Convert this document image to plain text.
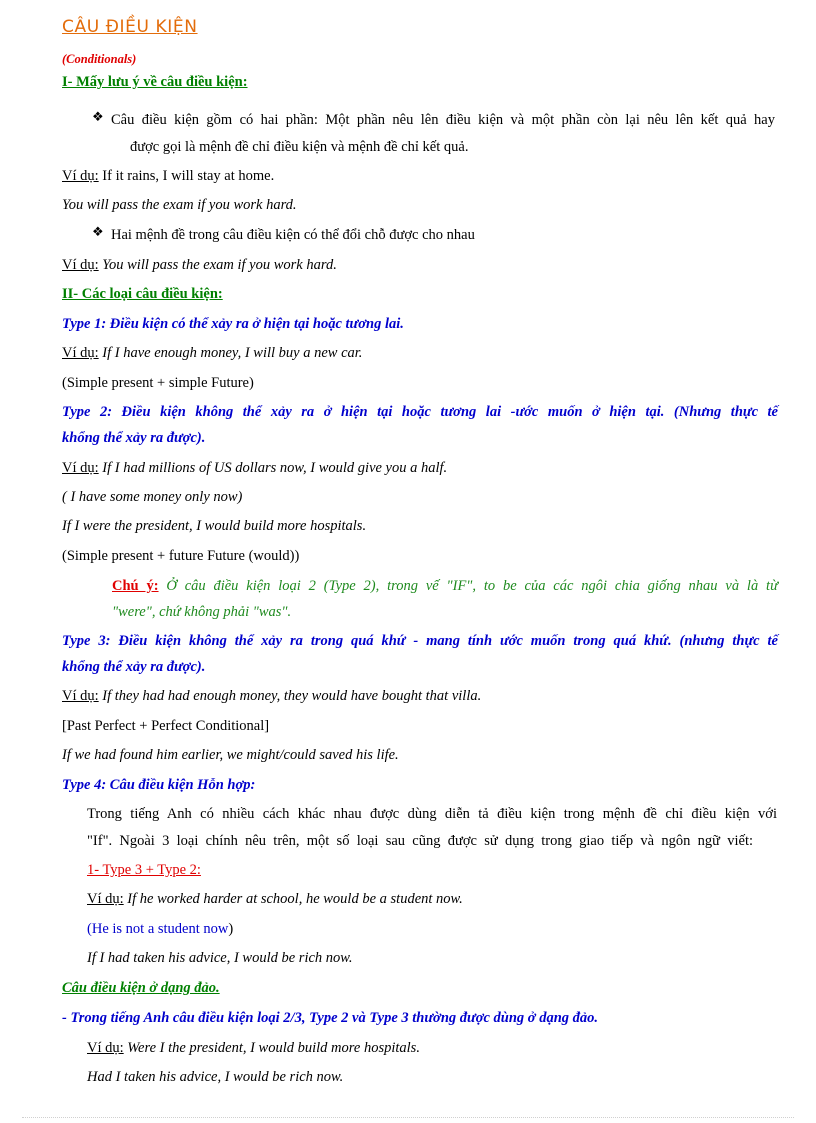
CÂU ĐIỀU KIỆN
(Conditionals)
I- Mấy lưu ý về câu điều kiện:
❖ Câu điều kiện gồm có hai phần: Một phần nêu lên điều kiện và một phần còn lại nêu lên kết quả hay
được gọi là mệnh đề chỉ điều kiện và mệnh đề chỉ kết quả.
Ví dụ: If it rains, I will stay at home.
You will pass the exam if you work hard.
❖ Hai mệnh đề trong câu điều kiện có thể đổi chỗ được cho nhau
Ví dụ: You will pass the exam if you work hard.
II- Các loại câu điều kiện:
Type 1: Điều kiện có thể xảy ra ở hiện tại hoặc tương lai.
Ví dụ: If I have enough money, I will buy a new car.
(Simple present + simple Future)
Type 2: Điều kiện không thể xảy ra ở hiện tại hoặc tương lai -ước muốn ở hiện tại. (Nhưng thực tế
khổng thể xảy ra được).
Ví dụ: If I had millions of US dollars now, I would give you a half.
( I have some money only now)
If I were the president, I would build more hospitals.
(Simple present + future Future (would))
Chú ý: Ở câu điều kiện loại 2 (Type 2), trong vế "IF", to be của các ngôi chia giống nhau và là từ
"were", chứ không phải "was".
Type 3: Điều kiện không thể xảy ra trong quá khứ - mang tính ước muốn trong quá khứ. (nhưng thực tế
khổng thể xảy ra được).
Ví dụ: If they had had enough money, they would have bought that villa.
[Past Perfect + Perfect Conditional]
If we had found him earlier, we might/could saved his life.
Type 4: Câu điều kiện Hỗn hợp:
Trong tiếng Anh có nhiều cách khác nhau được dùng diễn tả điều kiện trong mệnh đề chỉ điều kiện với
"If". Ngoài 3 loại chính nêu trên, một số loại sau cũng được sử dụng trong giao tiếp và ngôn ngữ viết:
1- Type 3 + Type 2:
Ví dụ: If he worked harder at school, he would be a student now.
(He is not a student now)
If I had taken his advice, I would be rich now.
Câu điều kiện ở dạng đảo.
- Trong tiếng Anh câu điều kiện loại 2/3, Type 2 và Type 3 thường được dùng ở dạng đảo.
Ví dụ: Were I the president, I would build more hospitals.
Had I taken his advice, I would be rich now.
